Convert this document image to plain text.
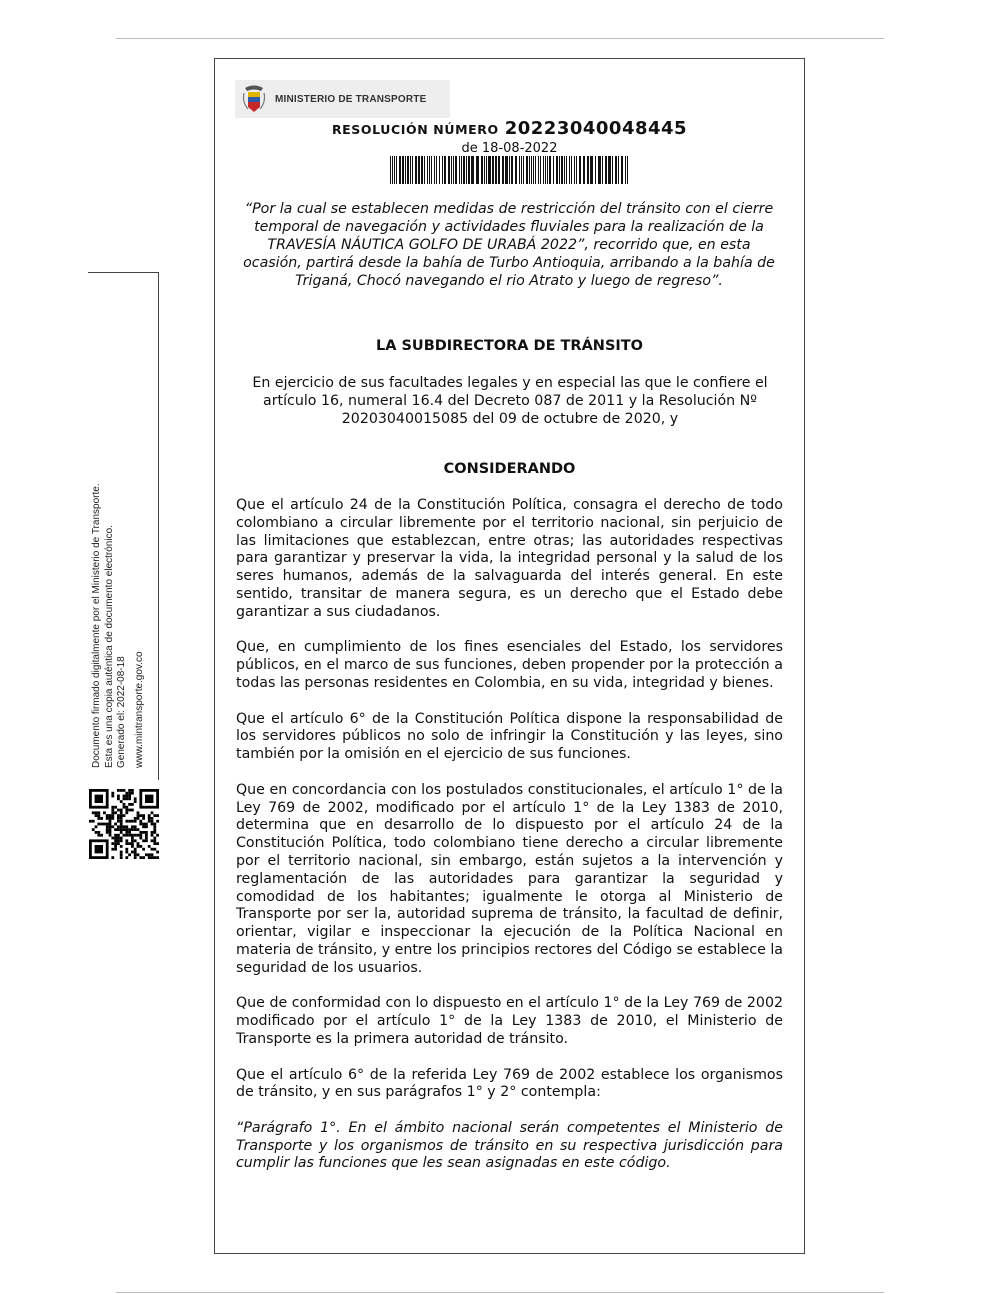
MINISTERIO DE TRANSPORTE
RESOLUCIÓN NÚMERO 20223040048445
de 18-08-2022
“Por la cual se establecen medidas de restricción del tránsito con el cierre temporal de navegación y actividades fluviales para la realización de la TRAVESÍA NÁUTICA GOLFO DE URABÁ 2022”, recorrido que, en esta ocasión, partirá desde la bahía de Turbo Antioquia, arribando a la bahía de Triganá, Chocó navegando el rio Atrato y luego de regreso”.
LA SUBDIRECTORA DE TRÁNSITO
En ejercicio de sus facultades legales y en especial las que le confiere el artículo 16, numeral 16.4 del Decreto 087 de 2011 y la Resolución Nº 20203040015085 del 09 de octubre de 2020, y
CONSIDERANDO

Que el artículo 24 de la Constitución Política, consagra el derecho de todo colombiano a circular libremente por el territorio nacional, sin perjuicio de las limitaciones que establezcan, entre otras; las autoridades respectivas para garantizar y preservar la vida, la integridad personal y la salud de los seres humanos, además de la salvaguarda del interés general. En este sentido, transitar de manera segura, es un derecho que el Estado debe garantizar a sus ciudadanos.

Que, en cumplimiento de los fines esenciales del Estado, los servidores públicos, en el marco de sus funciones, deben propender por la protección a todas las personas residentes en Colombia, en su vida, integridad y bienes.

Que el artículo 6° de la Constitución Política dispone la responsabilidad de los servidores públicos no solo de infringir la Constitución y las leyes, sino también por la omisión en el ejercicio de sus funciones.

Que en concordancia con los postulados constitucionales, el artículo 1° de la Ley 769 de 2002, modificado por el artículo 1° de la Ley 1383 de 2010, determina que en desarrollo de lo dispuesto por el artículo 24 de la Constitución Política, todo colombiano tiene derecho a circular libremente por el territorio nacional, sin embargo, están sujetos a la intervención y reglamentación de las autoridades para garantizar la seguridad y comodidad de los habitantes; igualmente le otorga al Ministerio de Transporte por ser la, autoridad suprema de tránsito, la facultad de definir, orientar, vigilar e inspeccionar la ejecución de la Política Nacional en materia de tránsito, y entre los principios rectores del Código se establece la seguridad de los usuarios.

Que de conformidad con lo dispuesto en el artículo 1° de la Ley 769 de 2002 modificado por el artículo 1° de la Ley 1383 de 2010, el Ministerio de Transporte es la primera autoridad de tránsito.

Que el artículo 6° de la referida Ley 769 de 2002 establece los organismos de tránsito, y en sus parágrafos 1° y 2° contempla:

“Parágrafo 1°. En el ámbito nacional serán competentes el Ministerio de Transporte y los organismos de tránsito en su respectiva jurisdicción para cumplir las funciones que les sean asignadas en este código.

Documento firmado digitalmente por el Ministerio de Transporte. Esta es una copia auténtica de documento electrónico. Generado el: 2022-08-18 www.mintransporte.gov.co
